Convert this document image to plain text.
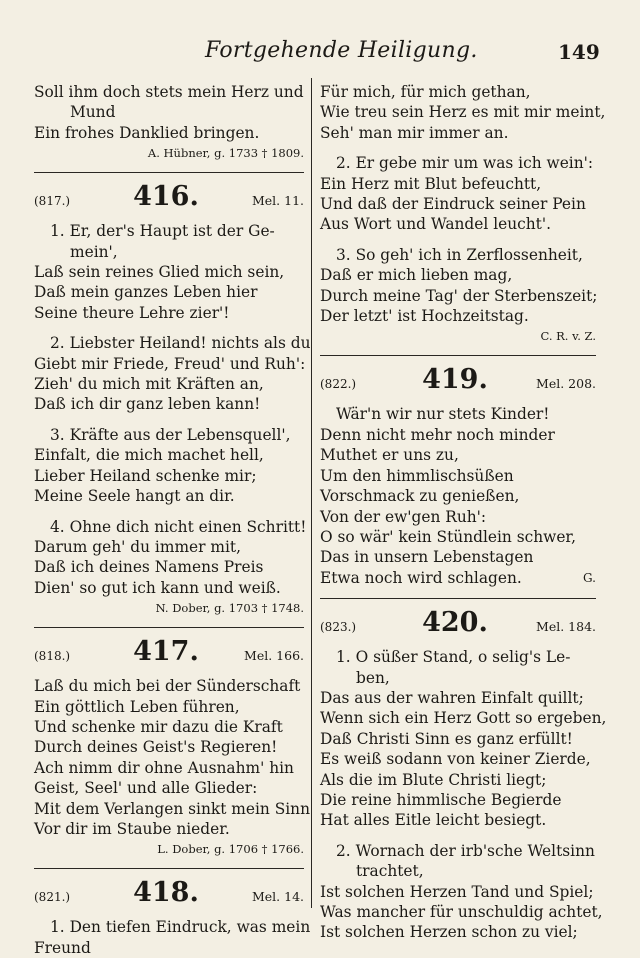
Fortgehende Heiligung.	149
Soll ihm doch stets mein Herz und
Mund
Ein frohes Danklied bringen.
A. Hübner, g. 1733 † 1809.
(817.)	416.	Mel. 11.
1. Er, der's Haupt ist der Ge-
mein',
Laß sein reines Glied mich sein,
Daß mein ganzes Leben hier
Seine theure Lehre zier'!
2. Liebster Heiland! nichts als du
Giebt mir Friede, Freud' und Ruh':
Zieh' du mich mit Kräften an,
Daß ich dir ganz leben kann!
3. Kräfte aus der Lebensquell',
Einfalt, die mich machet hell,
Lieber Heiland schenke mir;
Meine Seele hangt an dir.
4. Ohne dich nicht einen Schritt!
Darum geh' du immer mit,
Daß ich deines Namens Preis
Dien' so gut ich kann und weiß.
N. Dober, g. 1703 † 1748.
(818.)	417.	Mel. 166.
Laß du mich bei der Sünderschaft
Ein göttlich Leben führen,
Und schenke mir dazu die Kraft
Durch deines Geist's Regieren!
Ach nimm dir ohne Ausnahm' hin
Geist, Seel' und alle Glieder:
Mit dem Verlangen sinkt mein Sinn
Vor dir im Staube nieder.
L. Dober, g. 1706 † 1766.
(821.)	418.	Mel. 14.
1. Den tiefen Eindruck, was mein
Freund
Für mich, für mich gethan,
Wie treu sein Herz es mit mir meint,
Seh' man mir immer an.
2. Er gebe mir um was ich wein':
Ein Herz mit Blut befeuchtt,
Und daß der Eindruck seiner Pein
Aus Wort und Wandel leucht'.
3. So geh' ich in Zerflossenheit,
Daß er mich lieben mag,
Durch meine Tag' der Sterbenszeit;
Der letzt' ist Hochzeitstag.
C. R. v. Z.
(822.)	419.	Mel. 208.
Wär'n wir nur stets Kinder!
Denn nicht mehr noch minder
Muthet er uns zu,
Um den himmlischsüßen
Vorschmack zu genießen,
Von der ew'gen Ruh':
O so wär' kein Stündlein schwer,
Das in unsern Lebenstagen
Etwa noch wird schlagen.	G.
(823.)	420.	Mel. 184.
1. O süßer Stand, o selig's Le-
ben,
Das aus der wahren Einfalt quillt;
Wenn sich ein Herz Gott so ergeben,
Daß Christi Sinn es ganz erfüllt!
Es weiß sodann von keiner Zierde,
Als die im Blute Christi liegt;
Die reine himmlische Begierde
Hat alles Eitle leicht besiegt.
2. Wornach der irb'sche Weltsinn
trachtet,
Ist solchen Herzen Tand und Spiel;
Was mancher für unschuldig achtet,
Ist solchen Herzen schon zu viel;
